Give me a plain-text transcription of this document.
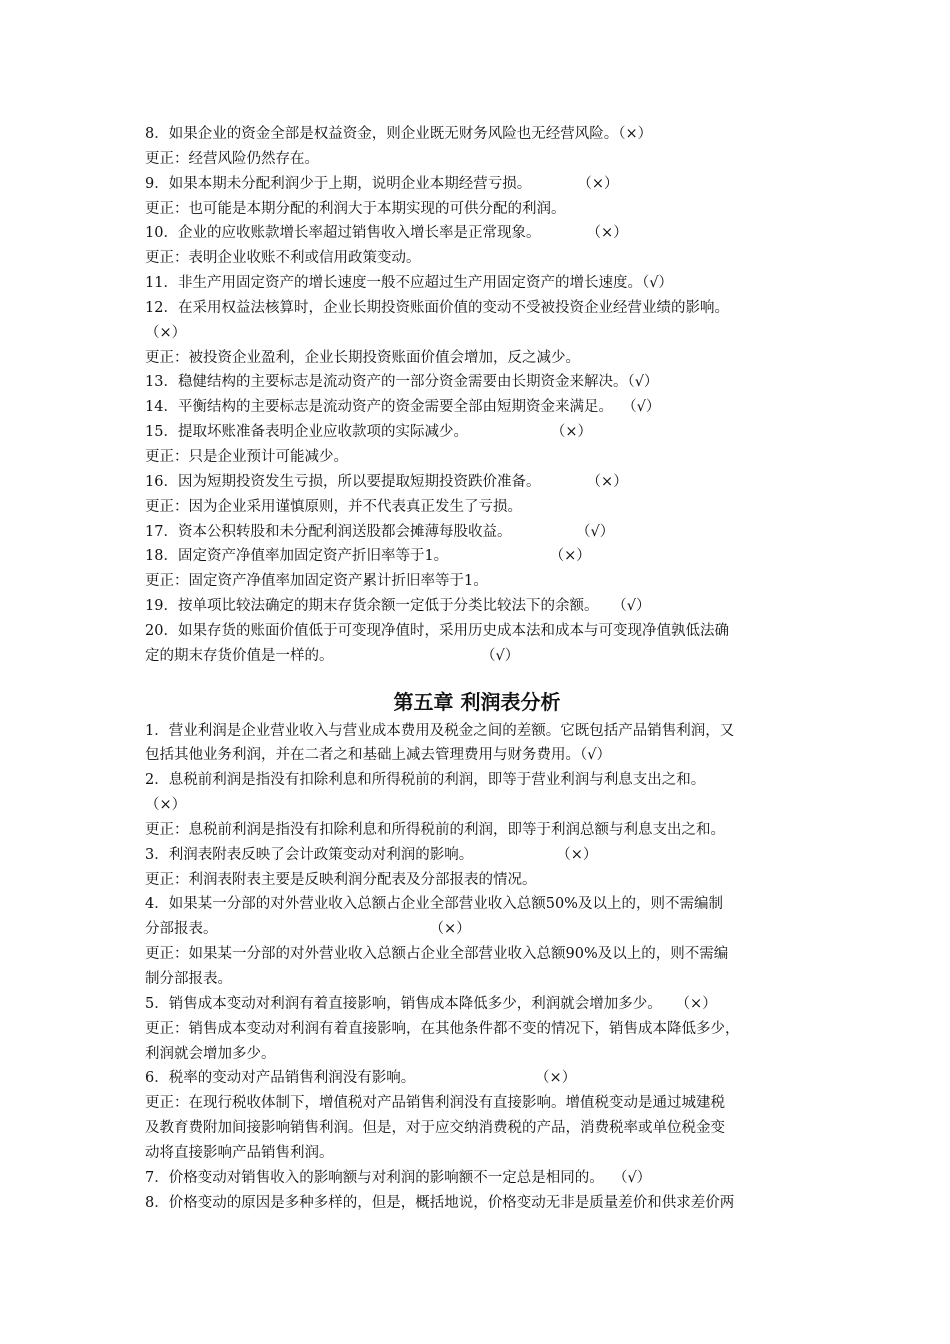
8．如果企业的资金全部是权益资金，则企业既无财务风险也无经营风险。（×）
更正：经营风险仍然存在。
9．如果本期未分配利润少于上期，说明企业本期经营亏损。          （×）
更正：也可能是本期分配的利润大于本期实现的可供分配的利润。
10．企业的应收账款增长率超过销售收入增长率是正常现象。          （×）
更正：表明企业收账不利或信用政策变动。
11．非生产用固定资产的增长速度一般不应超过生产用固定资产的增长速度。（√）
12．在采用权益法核算时，企业长期投资账面价值的变动不受被投资企业经营业绩的影响。
（×）
更正：被投资企业盈利，企业长期投资账面价值会增加，反之减少。
13．稳健结构的主要标志是流动资产的一部分资金需要由长期资金来解决。（√）
14．平衡结构的主要标志是流动资产的资金需要全部由短期资金来满足。  （√）
15．提取坏账准备表明企业应收款项的实际减少。                  （×）
更正：只是企业预计可能减少。
16．因为短期投资发生亏损，所以要提取短期投资跌价准备。          （×）
更正：因为企业采用谨慎原则，并不代表真正发生了亏损。
17．资本公积转股和未分配利润送股都会摊薄每股收益。              （√）
18．固定资产净值率加固定资产折旧率等于1。                      （×）
更正：固定资产净值率加固定资产累计折旧率等于1。
19．按单项比较法确定的期末存货余额一定低于分类比较法下的余额。   （√）
20．如果存货的账面价值低于可变现净值时，采用历史成本法和成本与可变现净值孰低法确
定的期末存货价值是一样的。                                （√）
第五章 利润表分析
1．营业利润是企业营业收入与营业成本费用及税金之间的差额。它既包括产品销售利润，又
包括其他业务利润，并在二者之和基础上减去管理费用与财务费用。（√）
2．息税前利润是指没有扣除利息和所得税前的利润，即等于营业利润与利息支出之和。
（×）
更正：息税前利润是指没有扣除利息和所得税前的利润，即等于利润总额与利息支出之和。
3．利润表附表反映了会计政策变动对利润的影响。                  （×）
更正：利润表附表主要是反映利润分配表及分部报表的情况。
4．如果某一分部的对外营业收入总额占企业全部营业收入总额50%及以上的，则不需编制
分部报表。                                              （×）
更正：如果某一分部的对外营业收入总额占企业全部营业收入总额90%及以上的，则不需编
制分部报表。
5．销售成本变动对利润有着直接影响，销售成本降低多少，利润就会增加多少。   （×）
更正：销售成本变动对利润有着直接影响，在其他条件都不变的情况下，销售成本降低多少，
利润就会增加多少。
6．税率的变动对产品销售利润没有影响。                          （×）
更正：在现行税收体制下，增值税对产品销售利润没有直接影响。增值税变动是通过城建税
及教育费附加间接影响销售利润。但是，对于应交纳消费税的产品，消费税率或单位税金变
动将直接影响产品销售利润。
7．价格变动对销售收入的影响额与对利润的影响额不一定总是相同的。  （√）
8．价格变动的原因是多种多样的，但是，概括地说，价格变动无非是质量差价和供求差价两
